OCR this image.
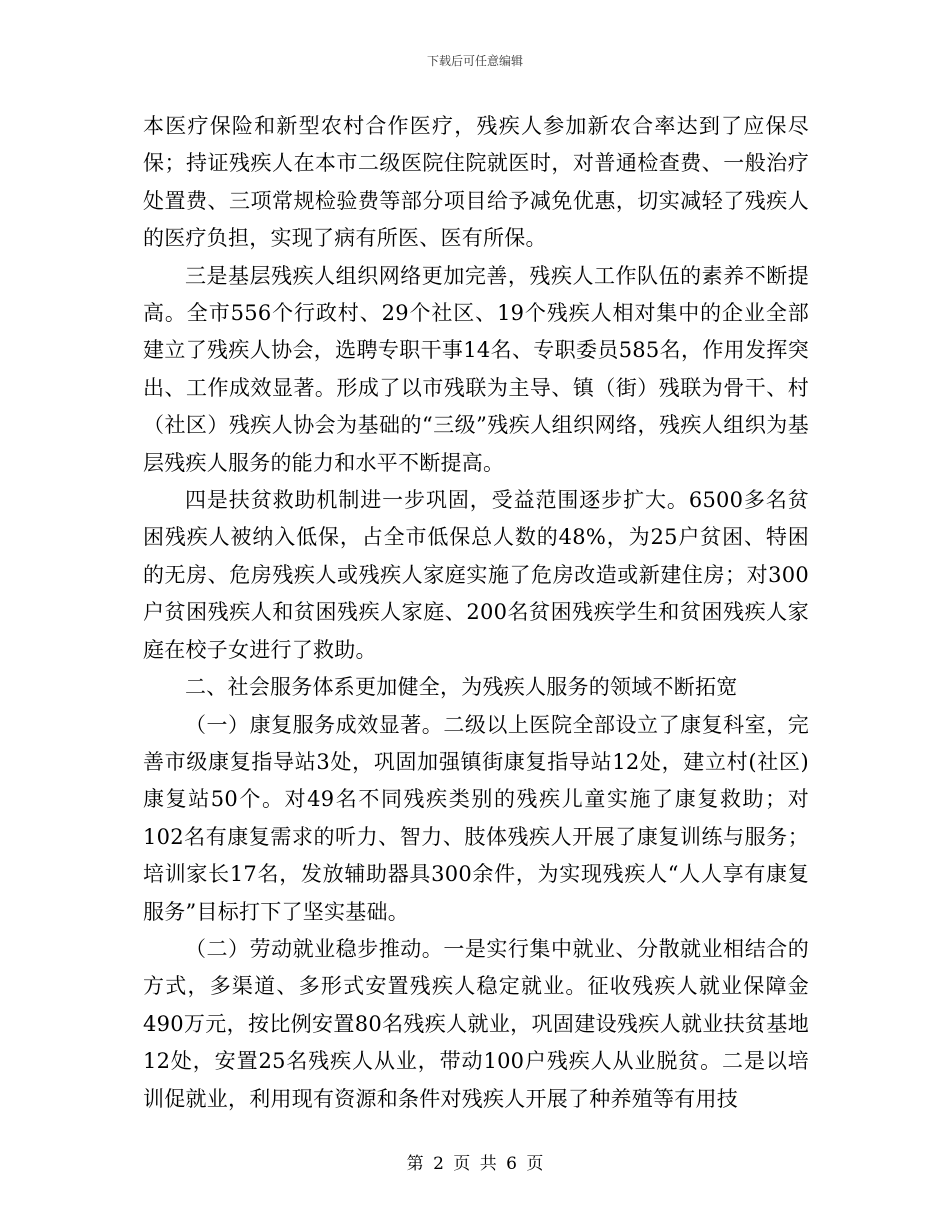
下载后可任意编辑

本医疗保险和新型农村合作医疗，残疾人参加新农合率达到了应保尽保；持证残疾人在本市二级医院住院就医时，对普通检查费、一般治疗处置费、三项常规检验费等部分项目给予减免优惠，切实减轻了残疾人的医疗负担，实现了病有所医、医有所保。

三是基层残疾人组织网络更加完善，残疾人工作队伍的素养不断提高。全市556个行政村、29个社区、19个残疾人相对集中的企业全部建立了残疾人协会，选聘专职干事14名、专职委员585名，作用发挥突出、工作成效显著。形成了以市残联为主导、镇（街）残联为骨干、村（社区）残疾人协会为基础的“三级”残疾人组织网络，残疾人组织为基层残疾人服务的能力和水平不断提高。

四是扶贫救助机制进一步巩固，受益范围逐步扩大。6500多名贫困残疾人被纳入低保，占全市低保总人数的48%，为25户贫困、特困的无房、危房残疾人或残疾人家庭实施了危房改造或新建住房；对300户贫困残疾人和贫困残疾人家庭、200名贫困残疾学生和贫困残疾人家庭在校子女进行了救助。

二、社会服务体系更加健全，为残疾人服务的领域不断拓宽

（一）康复服务成效显著。二级以上医院全部设立了康复科室，完善市级康复指导站3处，巩固加强镇街康复指导站12处，建立村(社区)康复站50个。对49名不同残疾类别的残疾儿童实施了康复救助；对102名有康复需求的听力、智力、肢体残疾人开展了康复训练与服务；培训家长17名，发放辅助器具300余件，为实现残疾人“人人享有康复服务”目标打下了坚实基础。

（二）劳动就业稳步推动。一是实行集中就业、分散就业相结合的方式，多渠道、多形式安置残疾人稳定就业。征收残疾人就业保障金490万元，按比例安置80名残疾人就业，巩固建设残疾人就业扶贫基地12处，安置25名残疾人从业，带动100户残疾人从业脱贫。二是以培训促就业，利用现有资源和条件对残疾人开展了种养殖等有用技

第 2 页 共 6 页
